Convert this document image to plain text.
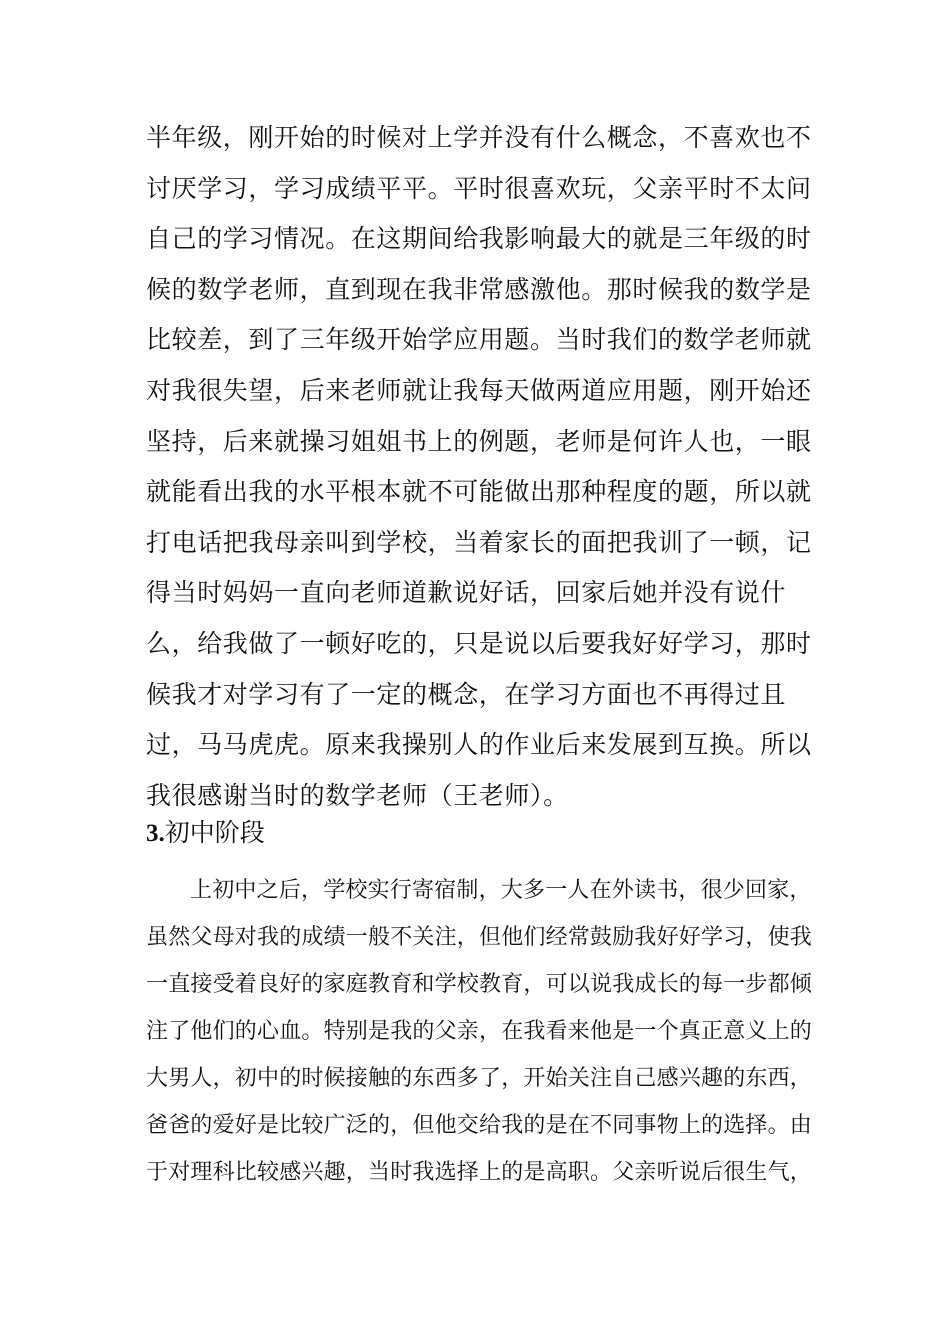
半年级，刚开始的时候对上学并没有什么概念，不喜欢也不
讨厌学习，学习成绩平平。平时很喜欢玩，父亲平时不太问
自己的学习情况。在这期间给我影响最大的就是三年级的时
候的数学老师，直到现在我非常感激他。那时候我的数学是
比较差，到了三年级开始学应用题。当时我们的数学老师就
对我很失望，后来老师就让我每天做两道应用题，刚开始还
坚持，后来就操习姐姐书上的例题，老师是何许人也，一眼
就能看出我的水平根本就不可能做出那种程度的题，所以就
打电话把我母亲叫到学校，当着家长的面把我训了一顿，记
得当时妈妈一直向老师道歉说好话，回家后她并没有说什
么，给我做了一顿好吃的，只是说以后要我好好学习，那时
候我才对学习有了一定的概念，在学习方面也不再得过且
过，马马虎虎。原来我操别人的作业后来发展到互换。所以
我很感谢当时的数学老师（王老师）。
3.初中阶段
上初中之后，学校实行寄宿制，大多一人在外读书，很少回家，
虽然父母对我的成绩一般不关注，但他们经常鼓励我好好学习，使我
一直接受着良好的家庭教育和学校教育，可以说我成长的每一步都倾
注了他们的心血。特别是我的父亲，在我看来他是一个真正意义上的
大男人，初中的时候接触的东西多了，开始关注自己感兴趣的东西，
爸爸的爱好是比较广泛的，但他交给我的是在不同事物上的选择。由
于对理科比较感兴趣，当时我选择上的是高职。父亲听说后很生气，
